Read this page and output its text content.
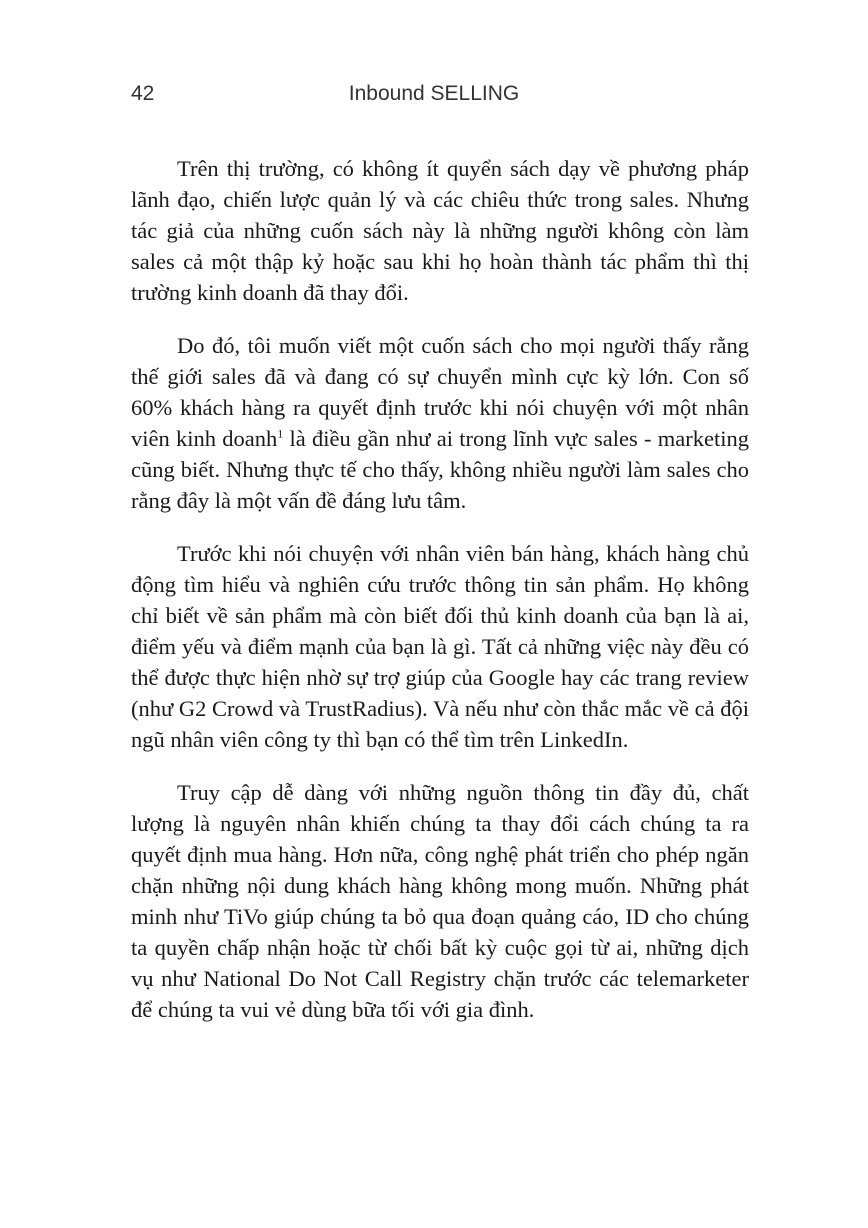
42	Inbound SELLING

Trên thị trường, có không ít quyển sách dạy về phương pháp lãnh đạo, chiến lược quản lý và các chiêu thức trong sales. Nhưng tác giả của những cuốn sách này là những người không còn làm sales cả một thập kỷ hoặc sau khi họ hoàn thành tác phẩm thì thị trường kinh doanh đã thay đổi.

Do đó, tôi muốn viết một cuốn sách cho mọi người thấy rằng thế giới sales đã và đang có sự chuyển mình cực kỳ lớn. Con số 60% khách hàng ra quyết định trước khi nói chuyện với một nhân viên kinh doanh$^1$ là điều gần như ai trong lĩnh vực sales - marketing cũng biết. Nhưng thực tế cho thấy, không nhiều người làm sales cho rằng đây là một vấn đề đáng lưu tâm.

Trước khi nói chuyện với nhân viên bán hàng, khách hàng chủ động tìm hiểu và nghiên cứu trước thông tin sản phẩm. Họ không chỉ biết về sản phẩm mà còn biết đối thủ kinh doanh của bạn là ai, điểm yếu và điểm mạnh của bạn là gì. Tất cả những việc này đều có thể được thực hiện nhờ sự trợ giúp của Google hay các trang review (như G2 Crowd và TrustRadius). Và nếu như còn thắc mắc về cả đội ngũ nhân viên công ty thì bạn có thể tìm trên LinkedIn.

Truy cập dễ dàng với những nguồn thông tin đầy đủ, chất lượng là nguyên nhân khiến chúng ta thay đổi cách chúng ta ra quyết định mua hàng. Hơn nữa, công nghệ phát triển cho phép ngăn chặn những nội dung khách hàng không mong muốn. Những phát minh như TiVo giúp chúng ta bỏ qua đoạn quảng cáo, ID cho chúng ta quyền chấp nhận hoặc từ chối bất kỳ cuộc gọi từ ai, những dịch vụ như National Do Not Call Registry chặn trước các telemarketer để chúng ta vui vẻ dùng bữa tối với gia đình.
